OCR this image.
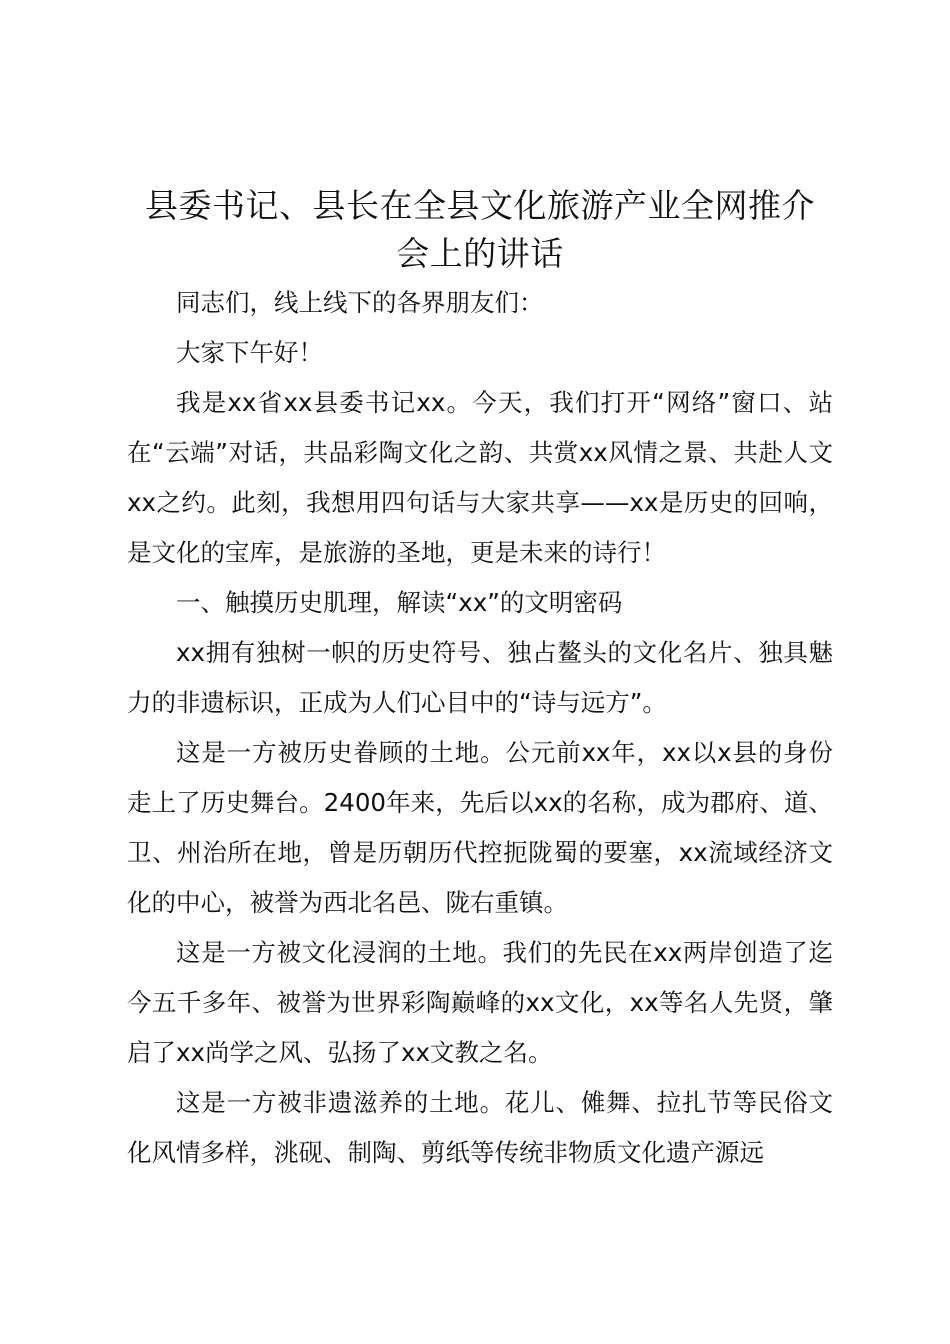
县委书记、县长在全县文化旅游产业全网推介
会上的讲话

同志们，线上线下的各界朋友们：

大家下午好！

我是xx省xx县委书记xx。今天，我们打开“网络”窗口、站在“云端”对话，共品彩陶文化之韵、共赏xx风情之景、共赴人文xx之约。此刻，我想用四句话与大家共享——xx是历史的回响，是文化的宝库，是旅游的圣地，更是未来的诗行！

一、触摸历史肌理，解读“xx”的文明密码

xx拥有独树一帜的历史符号、独占鳌头的文化名片、独具魅力的非遗标识，正成为人们心目中的“诗与远方”。

这是一方被历史眷顾的土地。公元前xx年，xx以x县的身份走上了历史舞台。2400年来，先后以xx的名称，成为郡府、道、卫、州治所在地，曾是历朝历代控扼陇蜀的要塞，xx流域经济文化的中心，被誉为西北名邑、陇右重镇。

这是一方被文化浸润的土地。我们的先民在xx两岸创造了迄今五千多年、被誉为世界彩陶巅峰的xx文化，xx等名人先贤，肇启了xx尚学之风、弘扬了xx文教之名。

这是一方被非遗滋养的土地。花儿、傩舞、拉扎节等民俗文化风情多样，洮砚、制陶、剪纸等传统非物质文化遗产源远
